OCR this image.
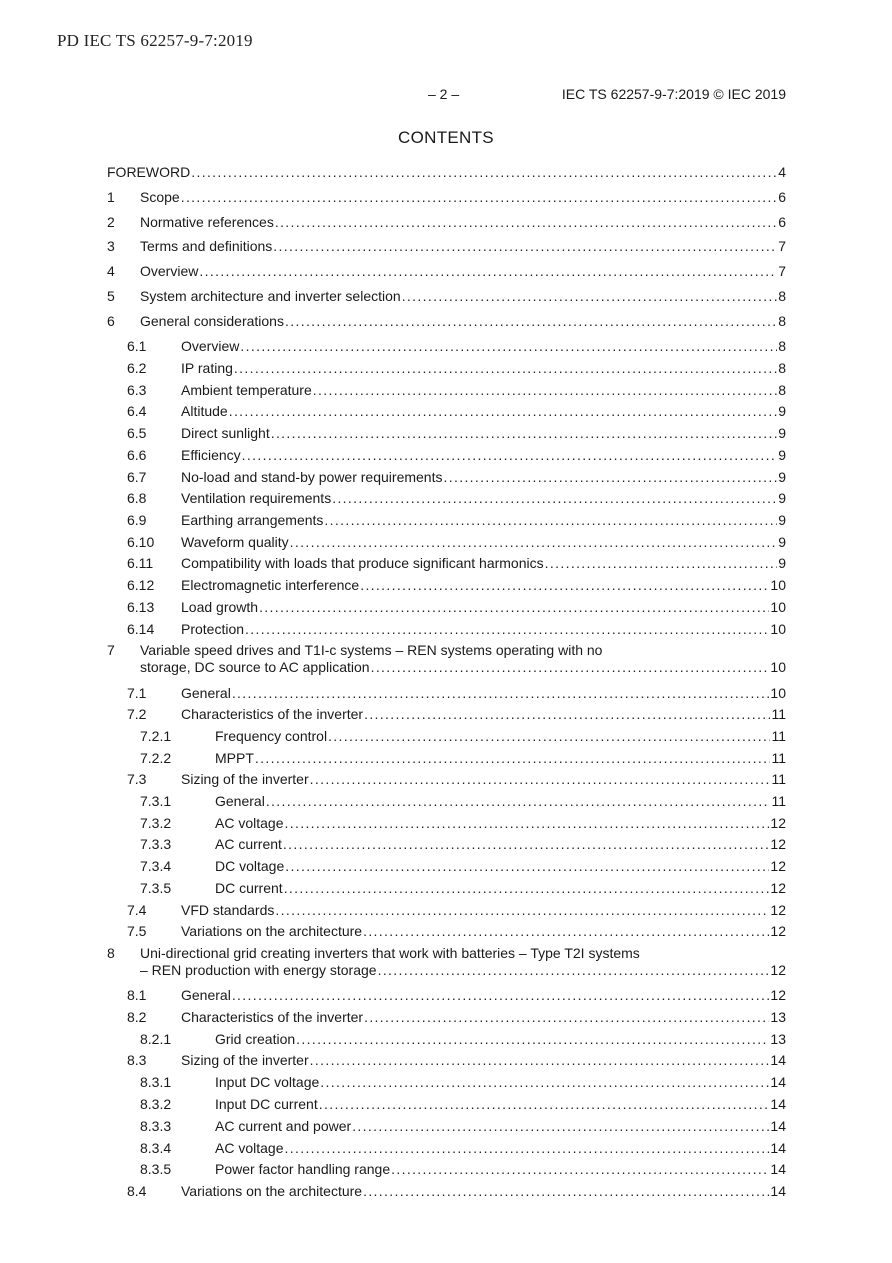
PD IEC TS 62257-9-7:2019
– 2 –	IEC TS 62257-9-7:2019 © IEC 2019
CONTENTS
FOREWORD .....	4
1	Scope .....	6
2	Normative references .....	6
3	Terms and definitions .....	7
4	Overview .....	7
5	System architecture and inverter selection .....	8
6	General considerations .....	8
6.1	Overview .....	8
6.2	IP rating .....	8
6.3	Ambient temperature .....	8
6.4	Altitude .....	9
6.5	Direct sunlight .....	9
6.6	Efficiency .....	9
6.7	No-load and stand-by power requirements .....	9
6.8	Ventilation requirements .....	9
6.9	Earthing arrangements .....	9
6.10	Waveform quality .....	9
6.11	Compatibility with loads that produce significant harmonics .....	9
6.12	Electromagnetic interference .....	10
6.13	Load growth .....	10
6.14	Protection .....	10
7	Variable speed drives and T1I-c systems – REN systems operating with no
storage, DC source to AC application .....	10
7.1	General .....	10
7.2	Characteristics of the inverter .....	11
7.2.1	Frequency control .....	11
7.2.2	MPPT .....	11
7.3	Sizing of the inverter .....	11
7.3.1	General .....	11
7.3.2	AC voltage .....	12
7.3.3	AC current .....	12
7.3.4	DC voltage .....	12
7.3.5	DC current .....	12
7.4	VFD standards .....	12
7.5	Variations on the architecture .....	12
8	Uni-directional grid creating inverters that work with batteries – Type T2I systems
– REN production with energy storage .....	12
8.1	General .....	12
8.2	Characteristics of the inverter .....	13
8.2.1	Grid creation .....	13
8.3	Sizing of the inverter .....	14
8.3.1	Input DC voltage .....	14
8.3.2	Input DC current .....	14
8.3.3	AC current and power .....	14
8.3.4	AC voltage .....	14
8.3.5	Power factor handling range .....	14
8.4	Variations on the architecture .....	14
